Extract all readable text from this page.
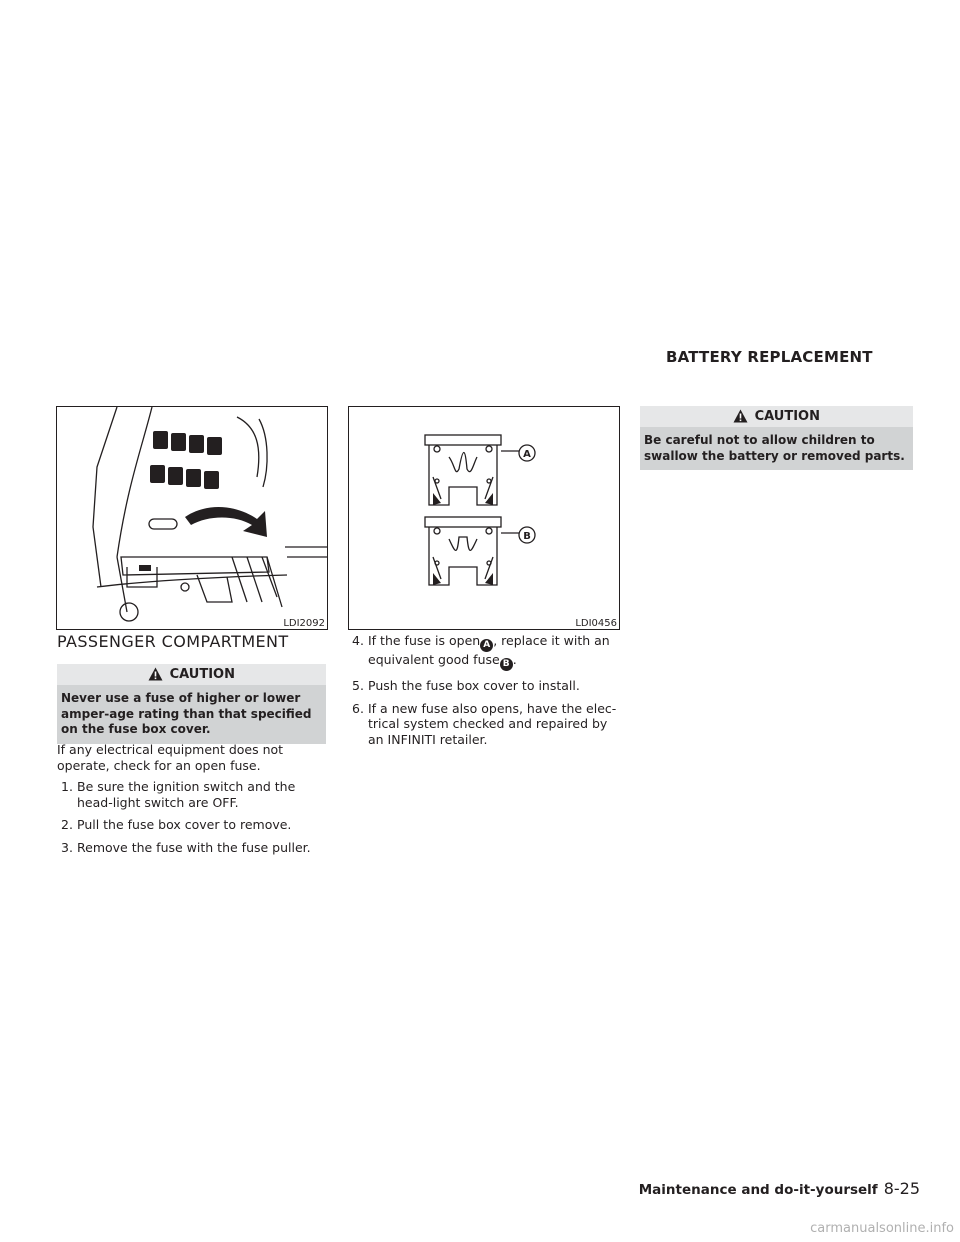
BATTERY REPLACEMENT
LDI2092
A
B
LDI0456
PASSENGER COMPARTMENT
CAUTION
Never use a fuse of higher or lower amper-age rating than that specified on the fuse box cover.

If any electrical equipment does not operate, check for an open fuse.

1. Be sure the ignition switch and the head-light switch are OFF.
2. Pull the fuse box cover to remove.
3. Remove the fuse with the fuse puller.
4. If the fuse is open A , replace it with an equivalent good fuse B .
5. Push the fuse box cover to install.
6. If a new fuse also opens, have the elec-trical system checked and repaired by an INFINITI retailer.
CAUTION
Be careful not to allow children to swallow the battery or removed parts.
Maintenance and do-it-yourself 8-25
carmanualsonline.info
